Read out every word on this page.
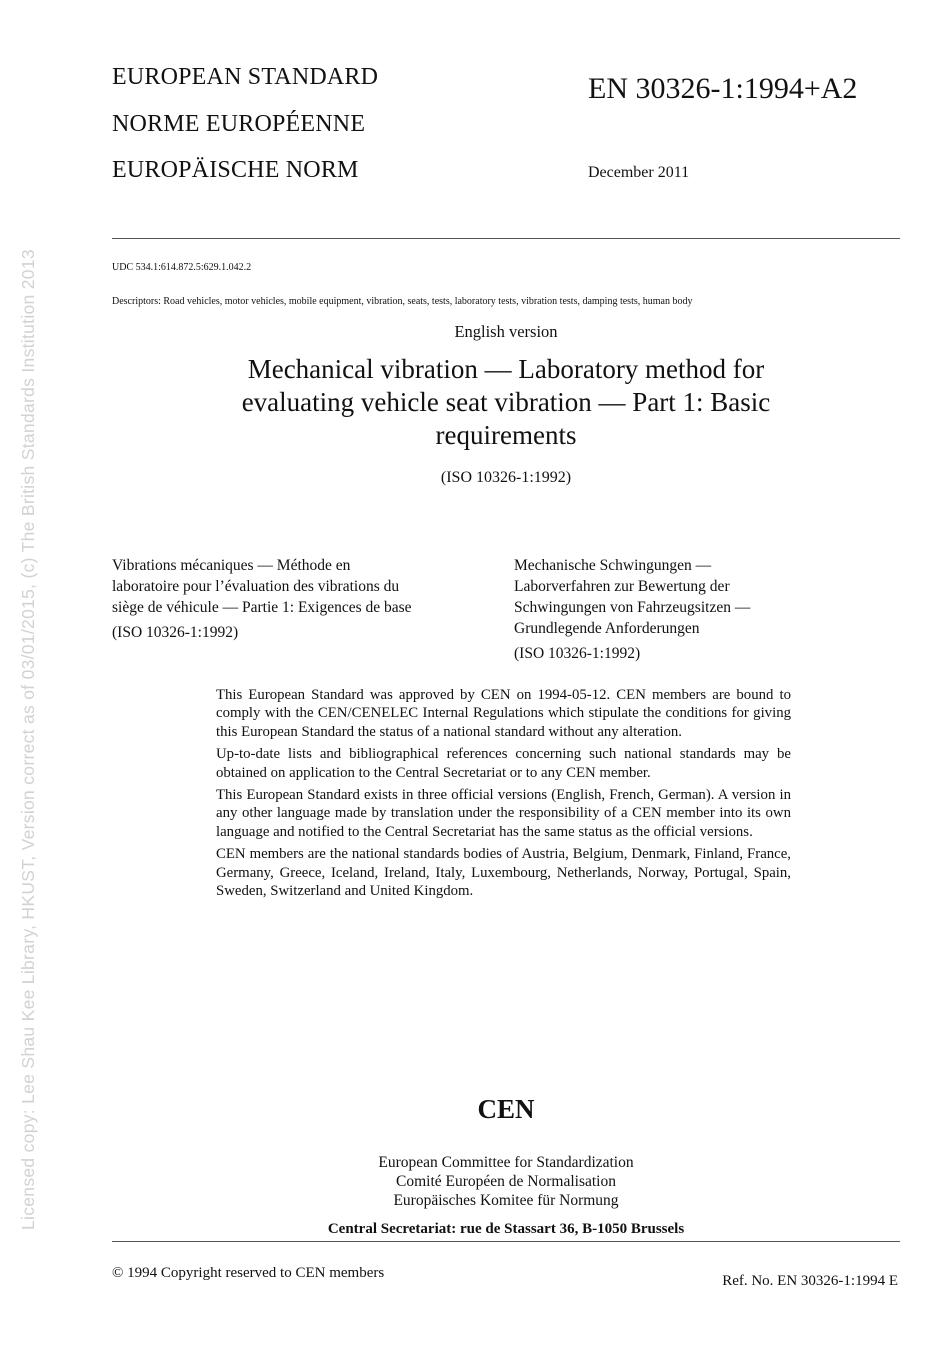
Licensed copy: Lee Shau Kee Library, HKUST, Version correct as of 03/01/2015, (c) The British Standards Institution 2013
EUROPEAN STANDARD
NORME EUROPÉENNE
EUROPÄISCHE NORM
EN 30326-1:1994+A2
December 2011
UDC 534.1:614.872.5:629.1.042.2
Descriptors: Road vehicles, motor vehicles, mobile equipment, vibration, seats, tests, laboratory tests, vibration tests, damping tests, human body
English version
Mechanical vibration — Laboratory method for
evaluating vehicle seat vibration — Part 1: Basic
requirements
(ISO 10326-1:1992)

Vibrations mécaniques — Méthode en

laboratoire pour l’évaluation des vibrations du

siège de véhicule — Partie 1: Exigences de base

(ISO 10326-1:1992)

Mechanische Schwingungen —

Laborverfahren zur Bewertung der

Schwingungen von Fahrzeugsitzen —

Grundlegende Anforderungen

(ISO 10326-1:1992)

This European Standard was approved by CEN on 1994-05-12. CEN members are bound to comply with the CEN/CENELEC Internal Regulations which stipulate the conditions for giving this European Standard the status of a national standard without any alteration.

Up-to-date lists and bibliographical references concerning such national standards may be obtained on application to the Central Secretariat or to any CEN member.

This European Standard exists in three official versions (English, French, German). A version in any other language made by translation under the responsibility of a CEN member into its own language and notified to the Central Secretariat has the same status as the official versions.

CEN members are the national standards bodies of Austria, Belgium, Denmark, Finland, France, Germany, Greece, Iceland, Ireland, Italy, Luxembourg, Netherlands, Norway, Portugal, Spain, Sweden, Switzerland and United Kingdom.

CEN
European Committee for Standardization
Comité Européen de Normalisation
Europäisches Komitee für Normung
Central Secretariat: rue de Stassart 36, B-1050 Brussels
© 1994 Copyright reserved to CEN members	Ref. No. EN 30326-1:1994 E
